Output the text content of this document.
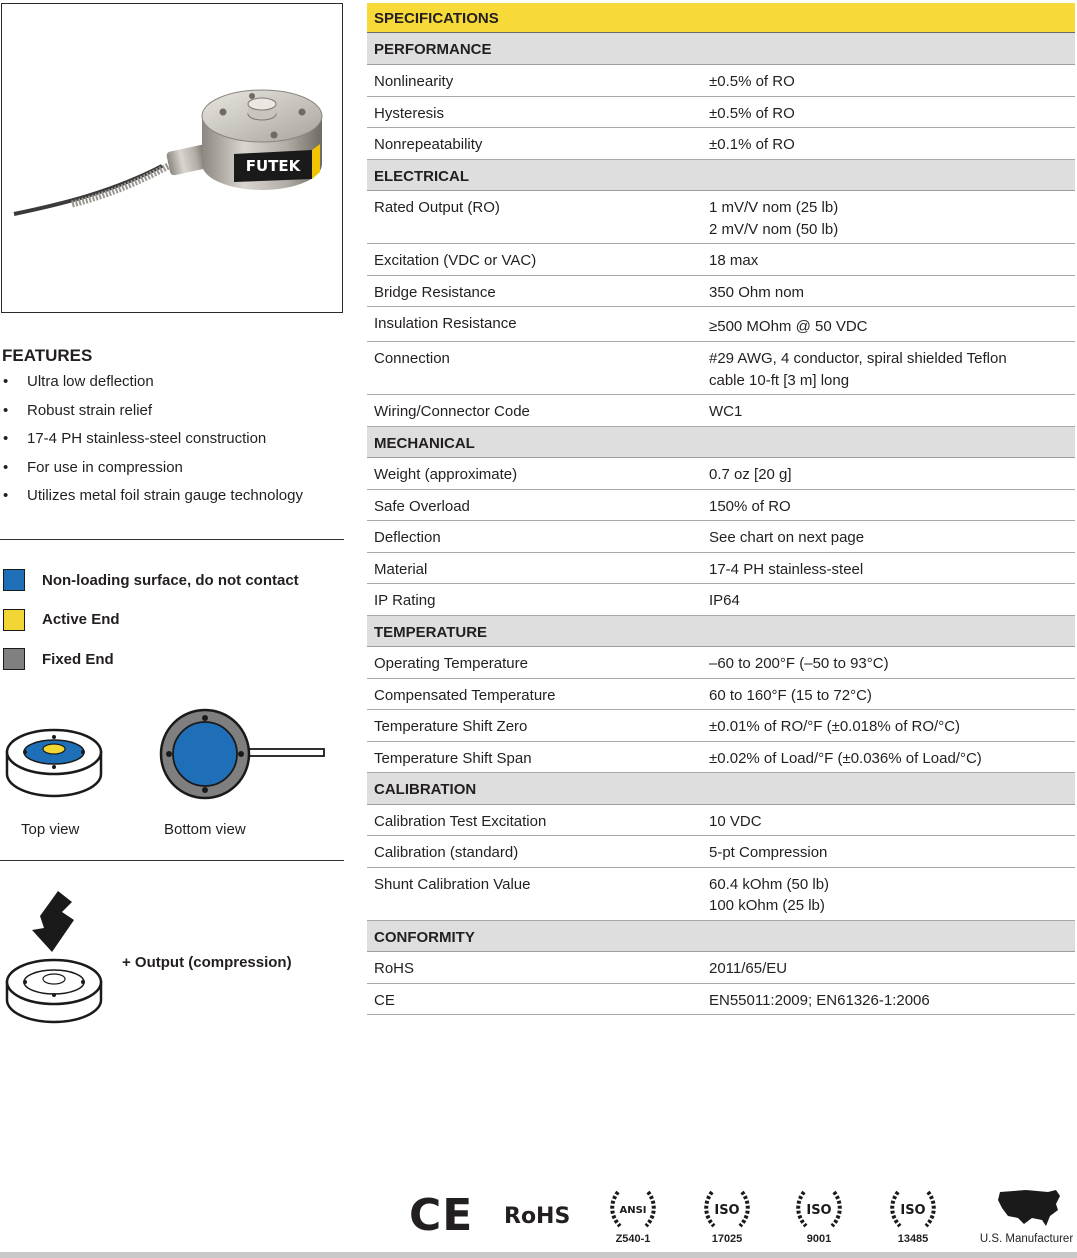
FUTEK
FEATURES
• Ultra low deflection
• Robust strain relief
• 17-4 PH stainless-steel construction
• For use in compression
• Utilizes metal foil strain gauge technology
Non-loading surface, do not contact
Active End
Fixed End
Top view	Bottom view
+ Output (compression)
SPECIFICATIONS
PERFORMANCE
Nonlinearity	±0.5% of RO
Hysteresis	±0.5% of RO
Nonrepeatability	±0.1% of RO
ELECTRICAL
Rated Output (RO)	1 mV/V nom (25 lb)
2 mV/V nom (50 lb)
Excitation (VDC or VAC)	18 max
Bridge Resistance	350 Ohm nom
Insulation Resistance	≥500 MOhm @ 50 VDC
Connection	#29 AWG, 4 conductor, spiral shielded Teflon
cable 10-ft [3 m] long
Wiring/Connector Code	WC1
MECHANICAL
Weight (approximate)	0.7 oz [20 g]
Safe Overload	150% of RO
Deflection	See chart on next page
Material	17-4 PH stainless-steel
IP Rating	IP64
TEMPERATURE
Operating Temperature	–60 to 200°F (–50 to 93°C)
Compensated Temperature	60 to 160°F (15 to 72°C)
Temperature Shift Zero	±0.01% of RO/°F (±0.018% of RO/°C)
Temperature Shift Span	±0.02% of Load/°F (±0.036% of Load/°C)
CALIBRATION
Calibration Test Excitation	10 VDC
Calibration (standard)	5-pt Compression
Shunt Calibration Value	60.4 kOhm (50 lb)
100 kOhm (25 lb)
CONFORMITY
RoHS	2011/65/EU
CE	EN55011:2009; EN61326-1:2006
CE RoHS	ANSI
Z540-1
ISO
17025
ISO
9001
ISO
13485	U.S. Manufacturer
